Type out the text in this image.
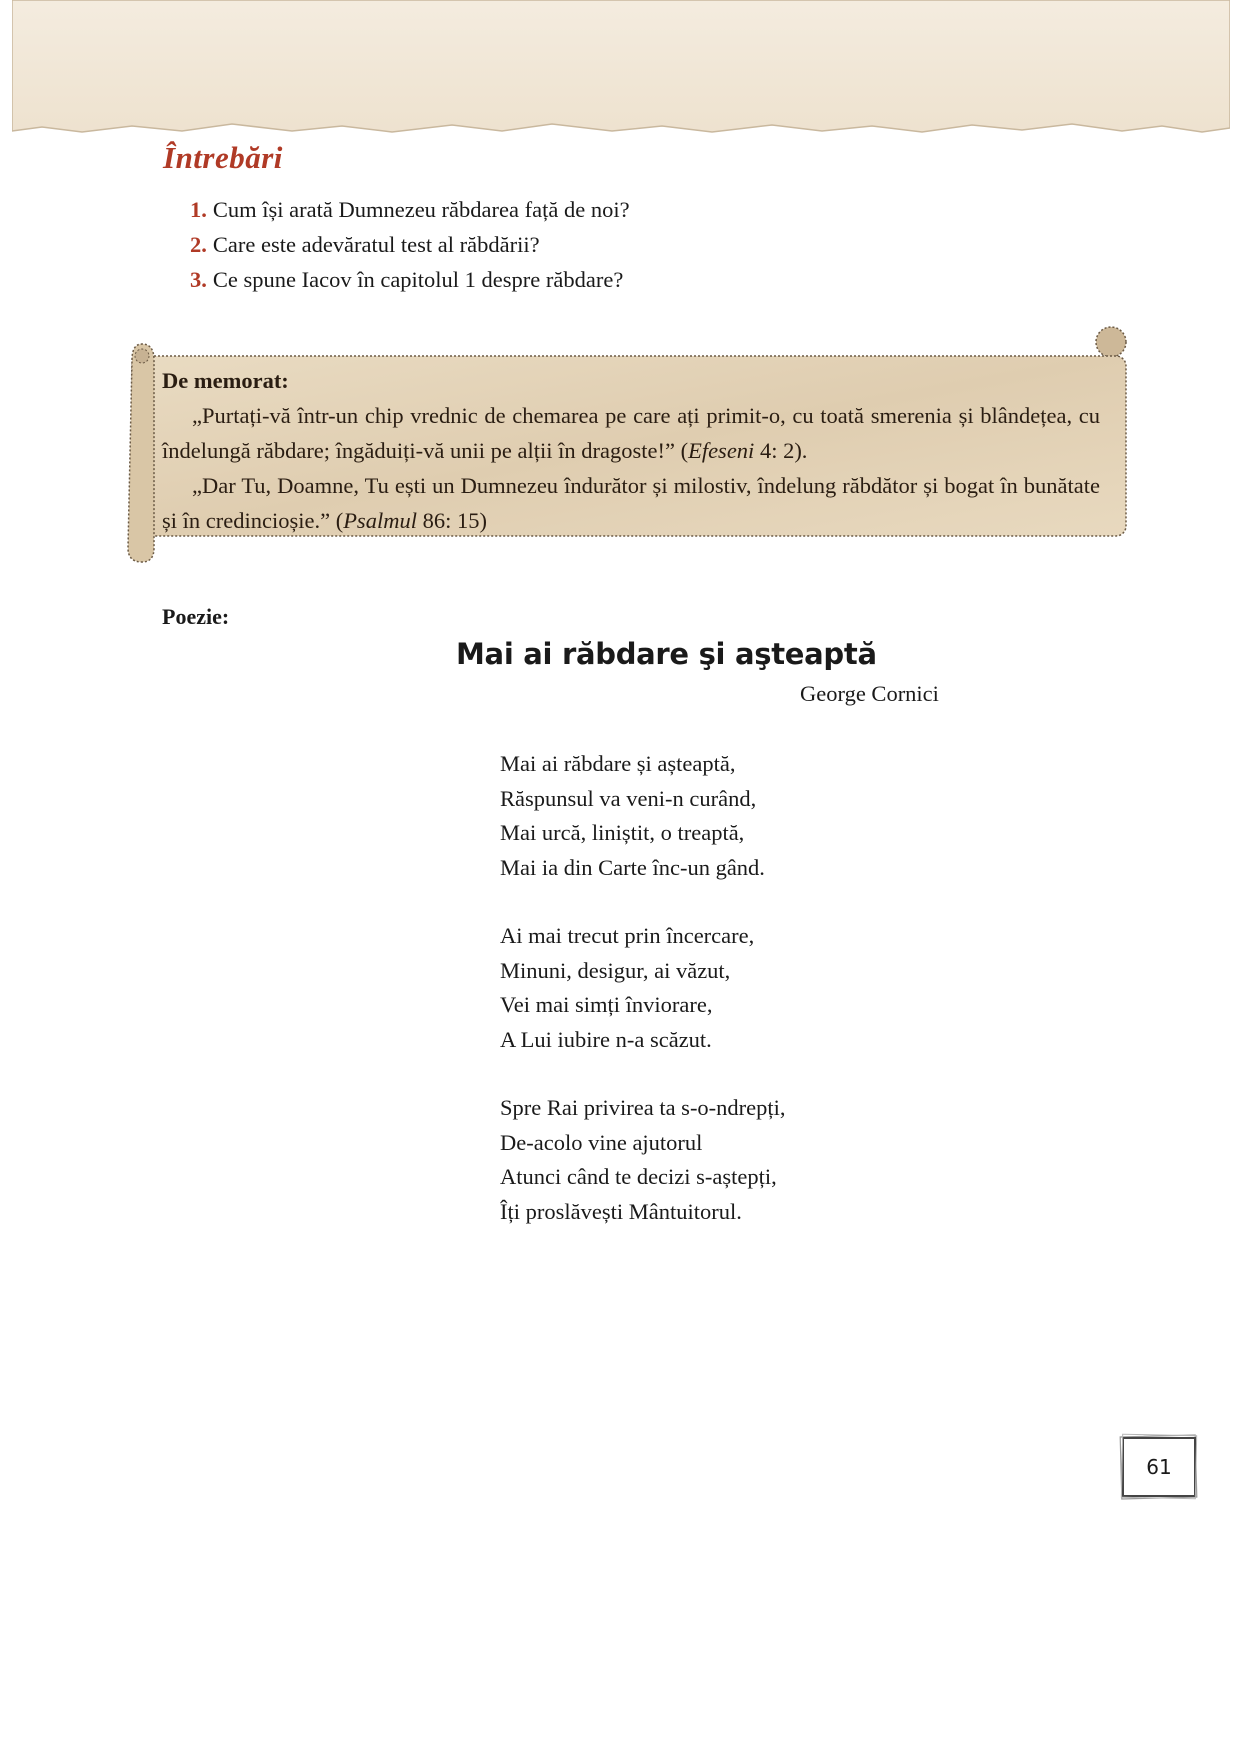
Întrebări
1. Cum își arată Dumnezeu răbdarea față de noi?
2. Care este adevăratul test al răbdării?
3. Ce spune Iacov în capitolul 1 despre răbdare?
De memorat:

„Purtați-vă într-un chip vrednic de chemarea pe care ați primit-o, cu toată smerenia și blândețea, cu îndelungă răbdare; îngăduiți-vă unii pe alții în dragoste!” (Efeseni 4: 2).

„Dar Tu, Doamne, Tu ești un Dumnezeu îndurător și milostiv, îndelung răbdător și bogat în bunătate și în credincioșie.” (Psalmul 86: 15)

Poezie:
Mai ai răbdare şi aşteaptă
George Cornici
Mai ai răbdare și așteaptă,
Răspunsul va veni-n curând,
Mai urcă, liniștit, o treaptă,
Mai ia din Carte înc-un gând.
Ai mai trecut prin încercare,
Minuni, desigur, ai văzut,
Vei mai simți înviorare,
A Lui iubire n-a scăzut.
Spre Rai privirea ta s-o-ndrepți,
De-acolo vine ajutorul
Atunci când te decizi s-aștepți,
Îți proslăvești Mântuitorul.
61
